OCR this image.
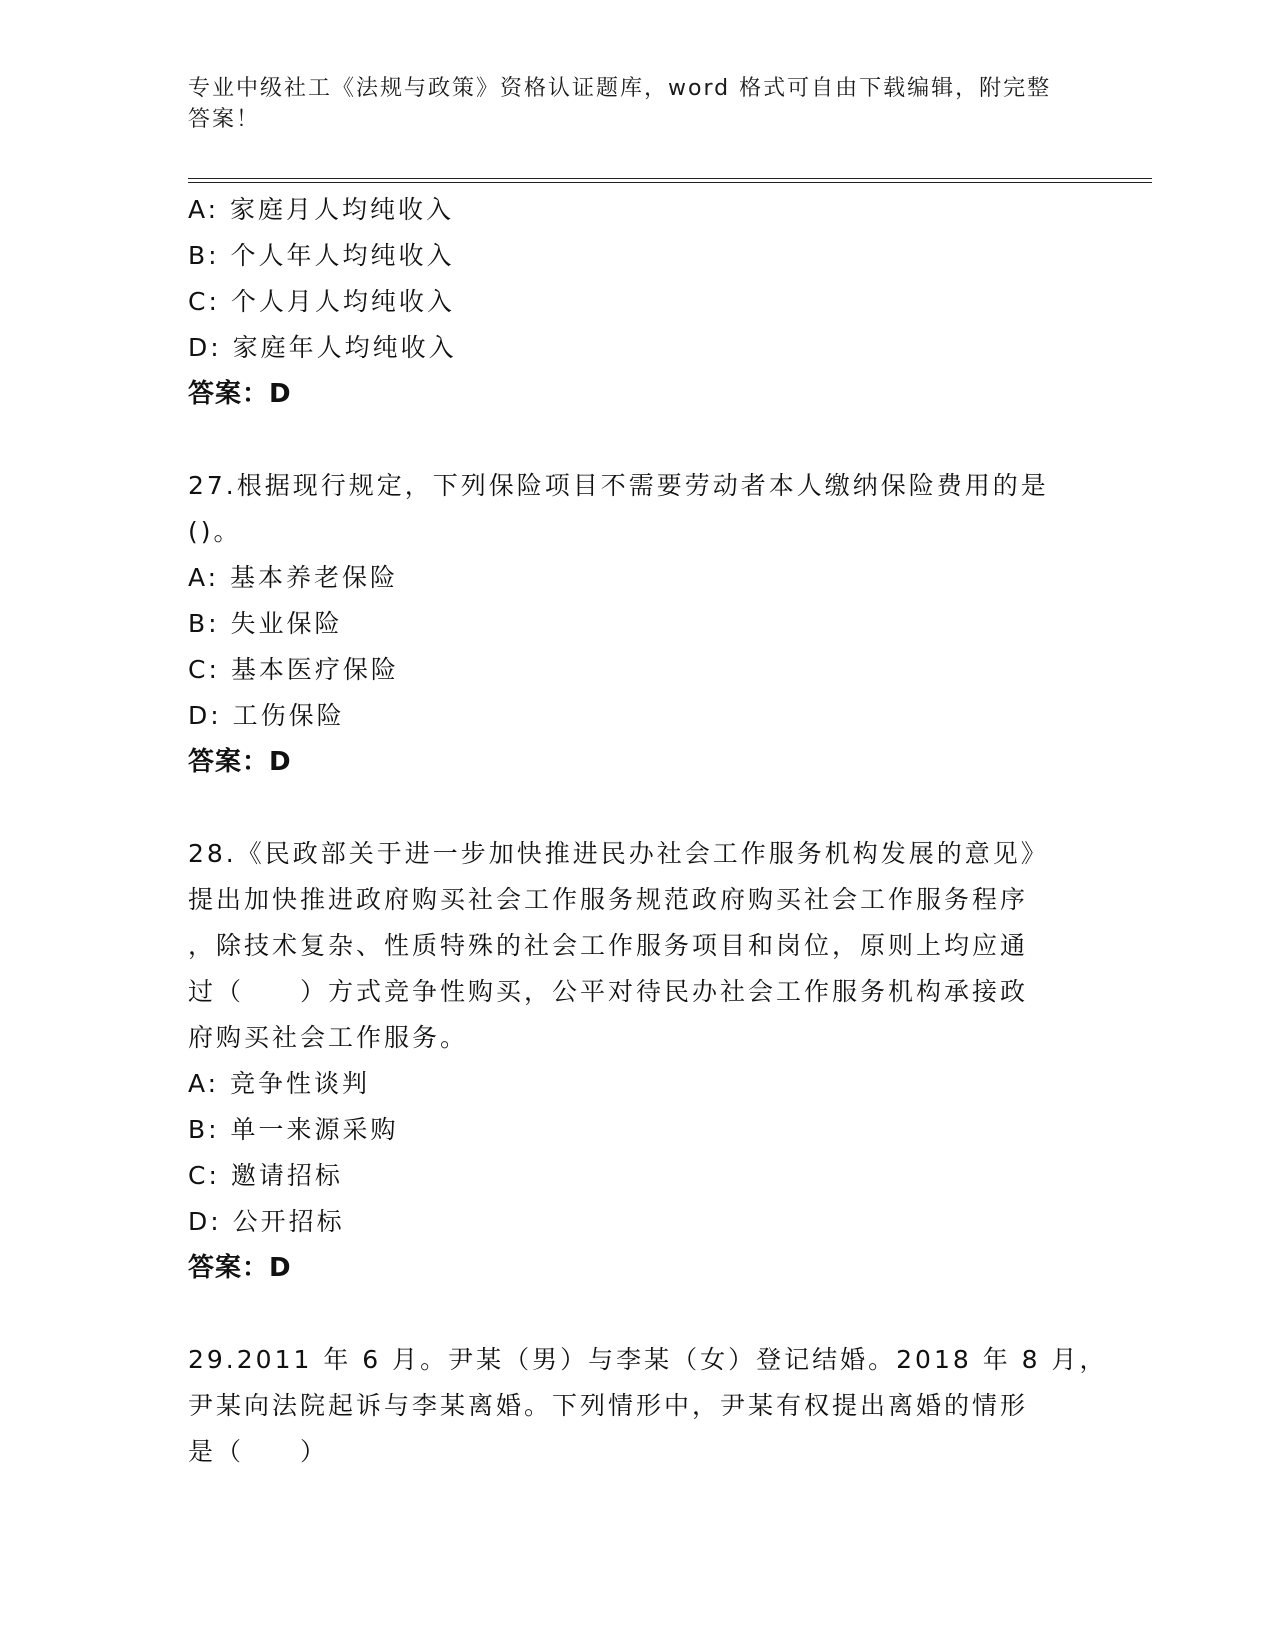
专业中级社工《法规与政策》资格认证题库，word 格式可自由下载编辑，附完整
答案！
A: 家庭月人均纯收入
B: 个人年人均纯收入
C: 个人月人均纯收入
D: 家庭年人均纯收入
答案：D
27.根据现行规定，下列保险项目不需要劳动者本人缴纳保险费用的是
()。
A: 基本养老保险
B: 失业保险
C: 基本医疗保险
D: 工伤保险
答案：D
28.《民政部关于进一步加快推进民办社会工作服务机构发展的意见》
提出加快推进政府购买社会工作服务规范政府购买社会工作服务程序
，除技术复杂、性质特殊的社会工作服务项目和岗位，原则上均应通
过（　　）方式竞争性购买，公平对待民办社会工作服务机构承接政
府购买社会工作服务。
A: 竞争性谈判
B: 单一来源采购
C: 邀请招标
D: 公开招标
答案：D
29.2011 年 6 月。尹某（男）与李某（女）登记结婚。2018 年 8 月，
尹某向法院起诉与李某离婚。下列情形中，尹某有权提出离婚的情形
是（　　）
